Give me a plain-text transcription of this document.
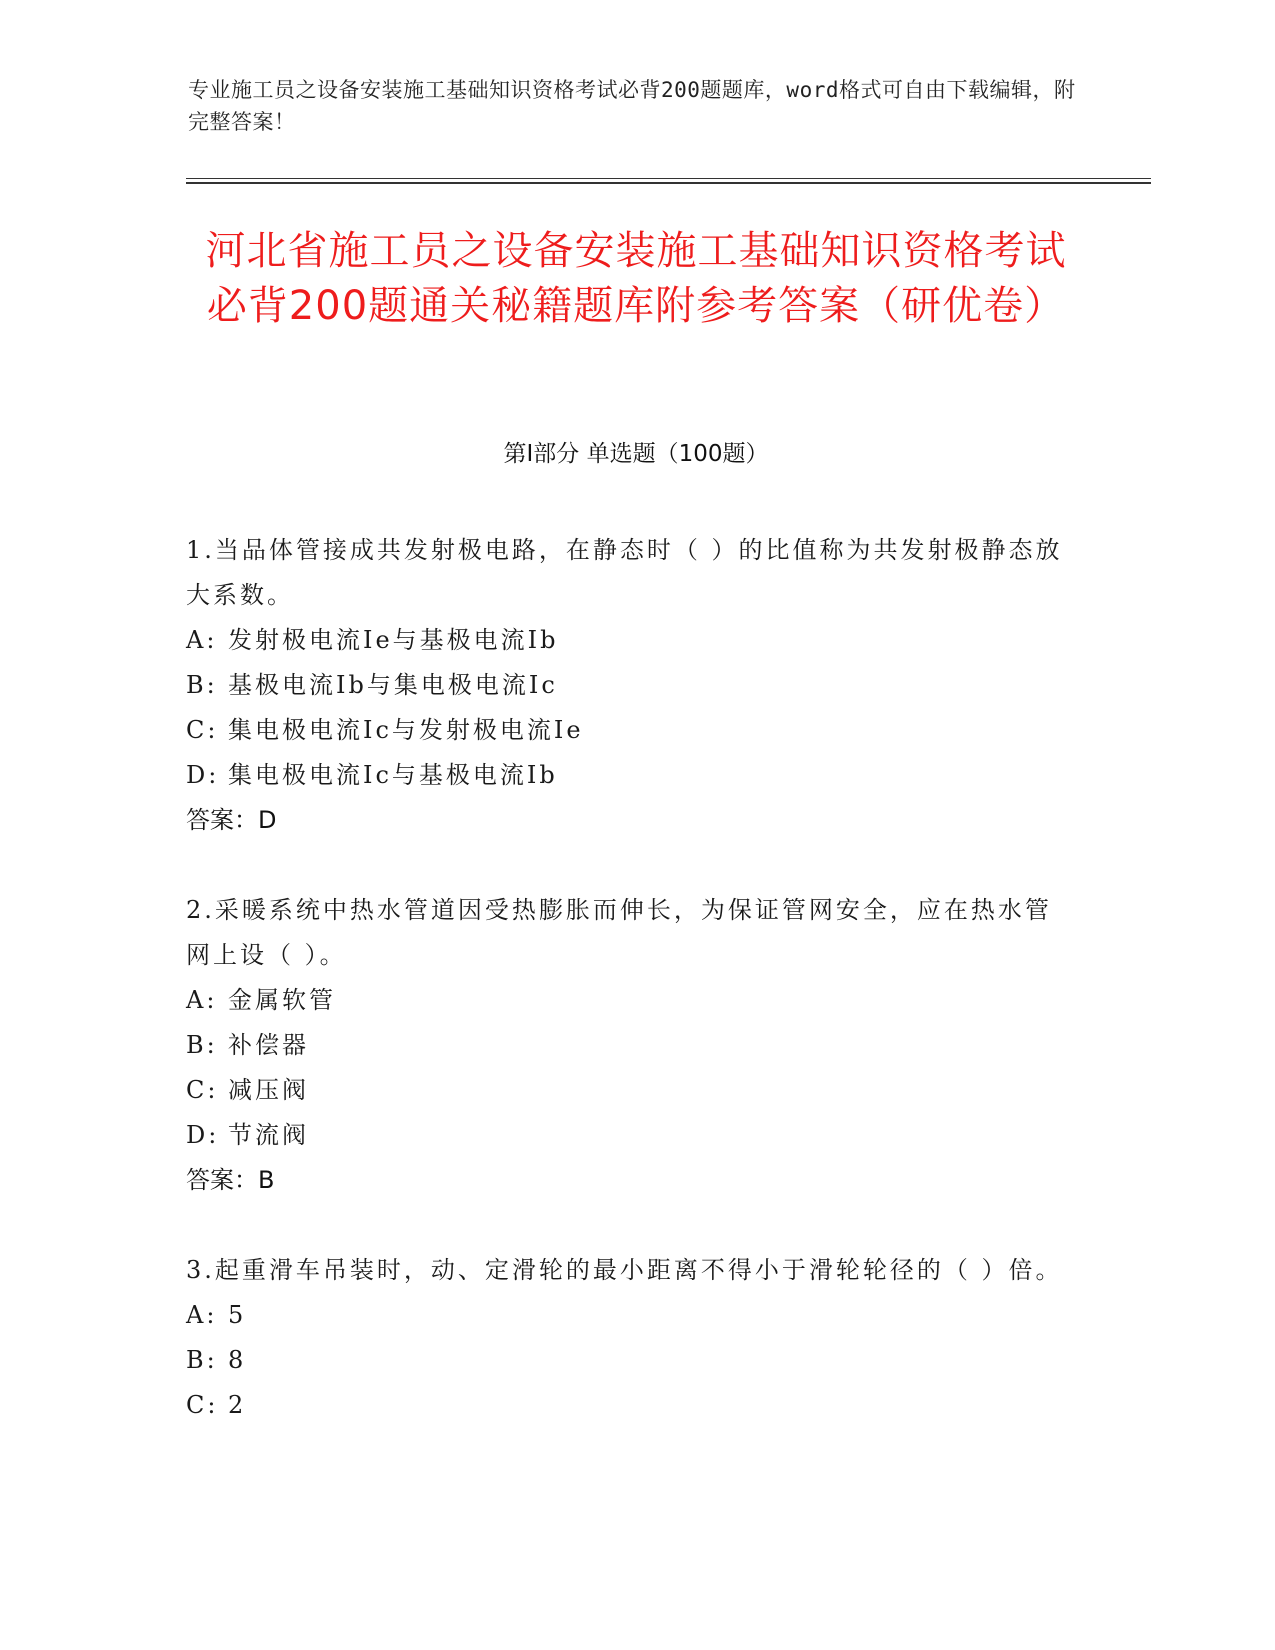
专业施工员之设备安装施工基础知识资格考试必背200题题库，word格式可自由下载编辑，附完整答案！
河北省施工员之设备安装施工基础知识资格考试必背200题通关秘籍题库附参考答案（研优卷）
第Ⅰ部分 单选题（100题）

1.当品体管接成共发射极电路，在静态时（ ）的比值称为共发射极静态放大系数。

A: 发射极电流Ie与基极电流Ib

B: 基极电流Ib与集电极电流Ic

C: 集电极电流Ic与发射极电流Ie

D: 集电极电流Ic与基极电流Ib

答案：D

2.采暖系统中热水管道因受热膨胀而伸长，为保证管网安全，应在热水管网上设（ ）。

A: 金属软管

B: 补偿器

C: 减压阀

D: 节流阀

答案：B

3.起重滑车吊装时，动、定滑轮的最小距离不得小于滑轮轮径的（ ）倍。

A: 5

B: 8

C: 2
